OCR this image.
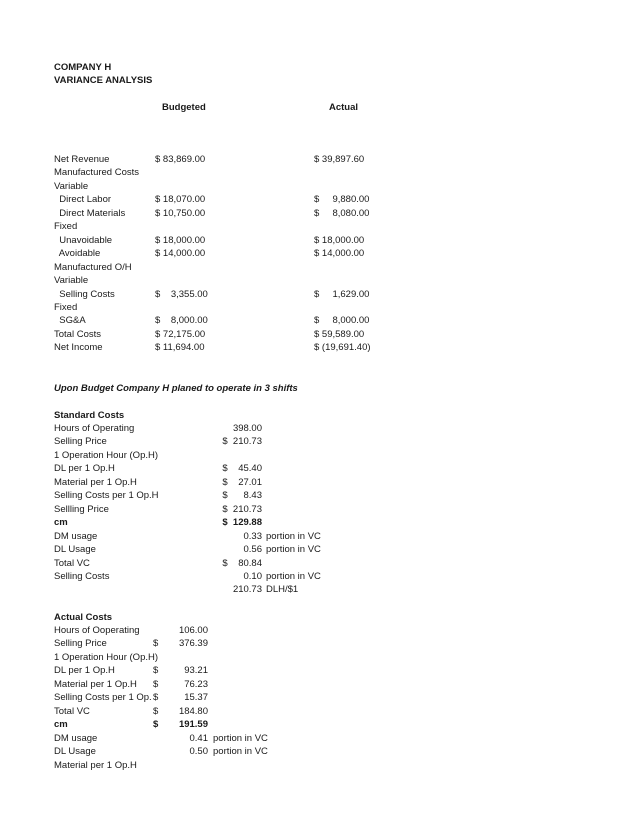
COMPANY H
VARIANCE ANALYSIS
Budgeted	Actual
Net Revenue	$ 83,869.00	$ 39,897.60
Manufactured Costs
Variable
Direct Labor	$ 18,070.00	$     9,880.00
Direct Materials	$ 10,750.00	$     8,080.00
Fixed
Unavoidable	$ 18,000.00	$ 18,000.00
Avoidable	$ 14,000.00	$ 14,000.00
Manufactured O/H
Variable
Selling Costs	$    3,355.00	$     1,629.00
Fixed
SG&A	$    8,000.00	$     8,000.00
Total Costs	$ 72,175.00	$ 59,589.00
Net Income	$ 11,694.00	$ (19,691.40)
Upon Budget Company H planed to operate in 3 shifts
Standard Costs
Hours of Operating	398.00
Selling Price	$  210.73
1 Operation Hour (Op.H)
DL per 1 Op.H	$    45.40
Material per 1 Op.H	$    27.01
Selling Costs per 1 Op.H	$      8.43
Sellling Price	$  210.73
cm	$  129.88
DM usage	0.33 portion in VC
DL Usage	0.56 portion in VC
Total VC	$    80.84
Selling Costs	0.10 portion in VC
210.73 DLH/$1
Actual Costs
Hours of Ooperating	106.00
Selling Price	$	376.39
1 Operation Hour (Op.H)
DL per 1 Op.H	$	93.21
Material per 1 Op.H $	76.23
Selling Costs per 1 Op. $	15.37
Total VC	$	184.80
cm	$	191.59
DM usage	0.41 portion in VC
DL Usage	0.50 portion in VC
Material per 1 Op.H
